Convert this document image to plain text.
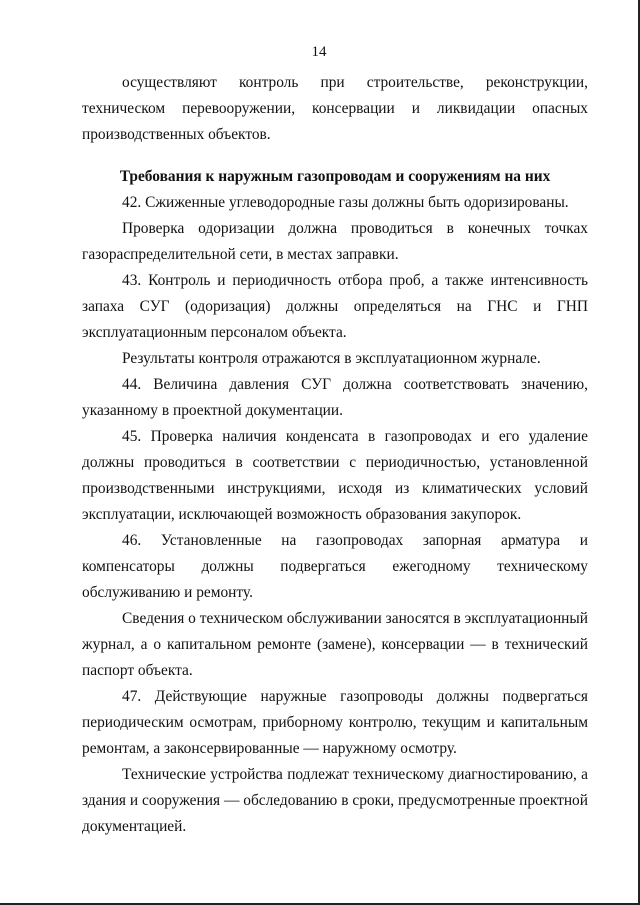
14

осуществляют контроль при строительстве, реконструкции, техническом перевооружении, консервации и ликвидации опасных производственных объектов.

Требования к наружным газопроводам и сооружениям на них

42. Сжиженные углеводородные газы должны быть одоризированы.

Проверка одоризации должна проводиться в конечных точках газораспределительной сети, в местах заправки.

43. Контроль и периодичность отбора проб, а также интенсивность запаха СУГ (одоризация) должны определяться на ГНС и ГНП эксплуатационным персоналом объекта.

Результаты контроля отражаются в эксплуатационном журнале.

44. Величина давления СУГ должна соответствовать значению, указанному в проектной документации.

45. Проверка наличия конденсата в газопроводах и его удаление должны проводиться в соответствии с периодичностью, установленной производственными инструкциями, исходя из климатических условий эксплуатации, исключающей возможность образования закупорок.

46. Установленные на газопроводах запорная арматура и компенсаторы должны подвергаться ежегодному техническому обслуживанию и ремонту.

Сведения о техническом обслуживании заносятся в эксплуатационный журнал, а о капитальном ремонте (замене), консервации — в технический паспорт объекта.

47. Действующие наружные газопроводы должны подвергаться периодическим осмотрам, приборному контролю, текущим и капитальным ремонтам, а законсервированные — наружному осмотру.

Технические устройства подлежат техническому диагностированию, а здания и сооружения — обследованию в сроки, предусмотренные проектной документацией.
